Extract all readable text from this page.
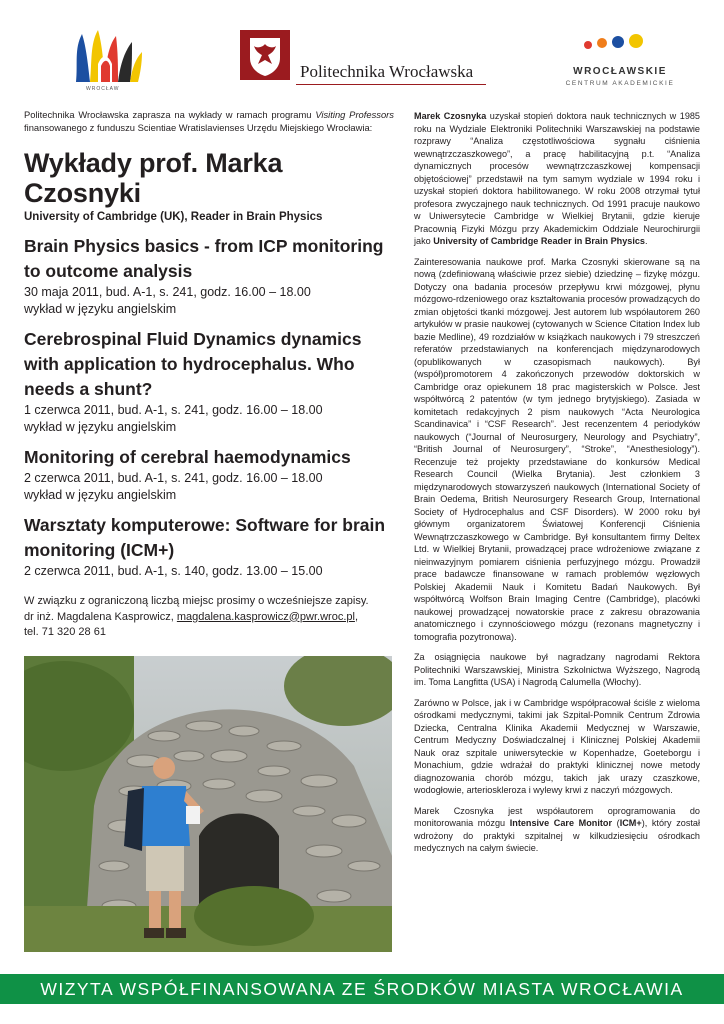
WROCŁAW
Politechnika Wrocławska	WROCŁAWSKIE
CENTRUM AKADEMICKIE

Politechnika Wrocławska zaprasza na wykłady w ramach programu Visiting Professors finansowanego z funduszu Scientiae Wratislavienses Urzędu Miejskiego Wrocławia:

Wykłady prof. Marka Czosnyki

University of Cambridge (UK), Reader in Brain Physics

Brain Physics basics - from ICP monitoring to outcome analysis

30 maja 2011, bud. A-1, s. 241, godz. 16.00 – 18.00

wykład w języku angielskim

Cerebrospinal Fluid Dynamics dynamics with application to hydrocephalus. Who needs a shunt?

1 czerwca 2011, bud. A-1, s. 241, godz. 16.00 – 18.00

wykład w języku angielskim

Monitoring of cerebral haemodynamics

2 czerwca 2011, bud. A-1, s. 241, godz. 16.00 – 18.00

wykład w języku angielskim

Warsztaty komputerowe: Software for brain monitoring (ICM+)

2 czerwca 2011, bud. A-1, s. 140, godz. 13.00 – 15.00

W związku z ograniczoną liczbą miejsc prosimy o wcześniejsze zapisy.
dr inż. Magdalena Kasprowicz, magdalena.kasprowicz@pwr.wroc.pl,
tel. 71 320 28 61

Marek Czosnyka uzyskał stopień doktora nauk technicznych w 1985 roku na Wydziale Elektroniki Politechniki Warszawskiej na podstawie rozprawy “Analiza częstotliwościowa sygnału ciśnienia wewnątrzczaszkowego”, a pracę habilitacyjną p.t. “Analiza dynamicznych procesów wewnątrzczaszkowej kompensacji objętościowej” przedstawił na tym samym wydziale w 1994 roku i uzyskał stopień doktora habilitowanego. W roku 2008 otrzymał tytuł profesora zwyczajnego nauk technicznych. Od 1991 pracuje naukowo w Uniwersytecie Cambridge w Wielkiej Brytanii, gdzie kieruje Pracownią Fizyki Mózgu przy Akademickim Oddziale Neurochirurgii jako University of Cambridge Reader in Brain Physics.

Zainteresowania naukowe prof. Marka Czosnyki skierowane są na nową (zdefiniowaną właściwie przez siebie) dziedzinę – fizykę mózgu. Dotyczy ona badania procesów przepływu krwi mózgowej, płynu mózgowo-rdzeniowego oraz kształtowania procesów prowadzących do zmian objętości tkanki mózgowej. Jest autorem lub współautorem 260 artykułów w prasie naukowej (cytowanych w Science Citation Index lub bazie Medline), 49 rozdziałów w książkach naukowych i 79 streszczeń referatów przedstawianych na konferencjach międzynarodowych (opublikowanych w czasopismach naukowych). Był (współ)promotorem 4 zakończonych przewodów doktorskich w Cambridge oraz opiekunem 18 prac magisterskich w Polsce. Jest współtwórcą 2 patentów (w tym jednego brytyjskiego). Zasiada w komitetach redakcyjnych 2 pism naukowych “Acta Neurologica Scandinavica” i “CSF Research”. Jest recenzentem 4 periodyków naukowych (“Journal of Neurosurgery, Neurology and Psychiatry”, “British Journal of Neurosurgery”, “Stroke”, “Anesthesiology”). Recenzuje też projekty przedstawiane do konkursów Medical Research Council (Wielka Brytania). Jest członkiem 3 międzynarodowych stowarzyszeń naukowych (International Society of Brain Oedema, British Neurosurgery Research Group, International Society of Hydrocephalus and CSF Disorders). W 2000 roku był głównym organizatorem Światowej Konferencji Ciśnienia Wewnątrzczaszkowego w Cambridge. Był konsultantem firmy Deltex Ltd. w Wielkiej Brytanii, prowadzącej prace wdrożeniowe związane z nieinwazyjnym pomiarem ciśnienia perfuzyjnego mózgu. Prowadził prace badawcze finansowane w ramach problemów węzłowych Polskiej Akademii Nauk i Komitetu Badań Naukowych. Był współtwórcą Wolfson Brain Imaging Centre (Cambridge), placówki naukowej prowadzącej nowatorskie prace z zakresu obrazowania anatomicznego i czynnościowego mózgu (rezonans magnetyczny i tomografia pozytronowa).

Za osiągnięcia naukowe był nagradzany nagrodami Rektora Politechniki Warszawskiej, Ministra Szkolnictwa Wyższego, Nagrodą im. Toma Langfitta (USA) i Nagrodą Calumella (Włochy).

Zarówno w Polsce, jak i w Cambridge współpracował ściśle z wieloma ośrodkami medycznymi, takimi jak Szpital-Pomnik Centrum Zdrowia Dziecka, Centralna Klinika Akademii Medycznej w Warszawie, Centrum Medyczny Doświadczalnej i Klinicznej Polskiej Akademii Nauk oraz szpitale uniwersyteckie w Kopenhadze, Goeteborgu i Monachium, gdzie wdrażał do praktyki klinicznej nowe metody diagnozowania chorób mózgu, takich jak urazy czaszkowe, wodogłowie, arterioskleroza i wylewy krwi z naczyń mózgowych.

Marek Czosnyka jest współautorem oprogramowania do monitorowania mózgu Intensive Care Monitor (ICM+), który został wdrożony do praktyki szpitalnej w kilkudziesięciu ośrodkach medycznych na całym świecie.

WIZYTA WSPÓŁFINANSOWANA ZE ŚRODKÓW MIASTA WROCŁAWIA
